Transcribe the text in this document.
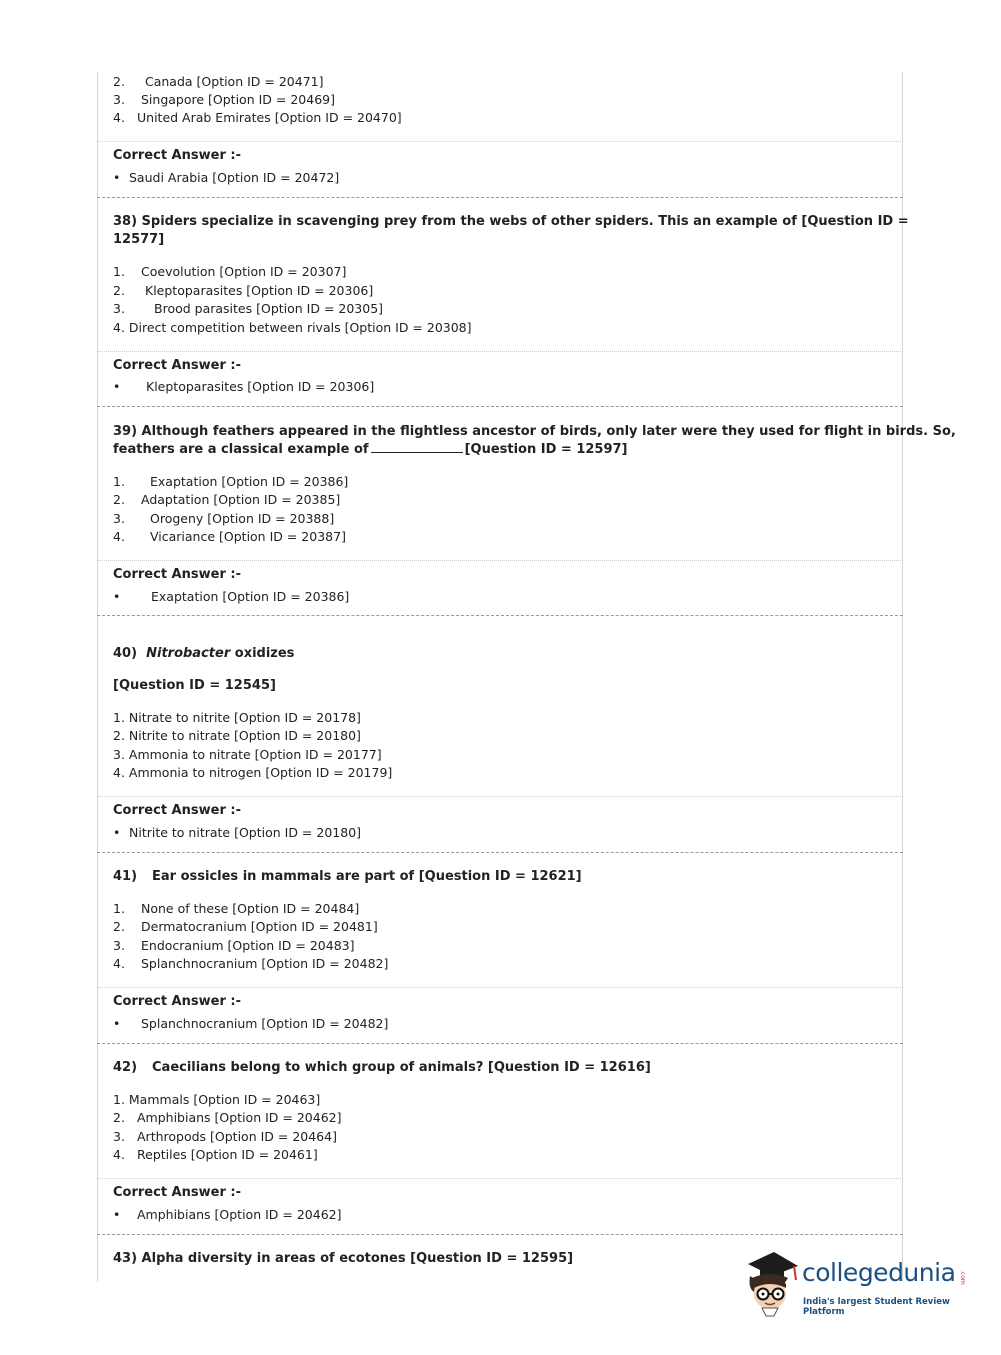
2. Canada [Option ID = 20471]
3. Singapore [Option ID = 20469]
4. United Arab Emirates [Option ID = 20470]
Correct Answer :-
• Saudi Arabia [Option ID = 20472]
38) Spiders specialize in scavenging prey from the webs of other spiders. This an example of [Question ID =
12577]
1. Coevolution [Option ID = 20307]
2. Kleptoparasites [Option ID = 20306]
3. Brood parasites [Option ID = 20305]
4. Direct competition between rivals [Option ID = 20308]
Correct Answer :-
• Kleptoparasites [Option ID = 20306]
39) Although feathers appeared in the flightless ancestor of birds, only later were they used for flight in birds. So,
feathers are a classical example of	[Question ID = 12597]
1. Exaptation [Option ID = 20386]
2. Adaptation [Option ID = 20385]
3. Orogeny [Option ID = 20388]
4. Vicariance [Option ID = 20387]
Correct Answer :-
• Exaptation [Option ID = 20386]
40) Nitrobacter oxidizes
[Question ID = 12545]
1. Nitrate to nitrite [Option ID = 20178]
2. Nitrite to nitrate [Option ID = 20180]
3. Ammonia to nitrate [Option ID = 20177]
4. Ammonia to nitrogen [Option ID = 20179]
Correct Answer :-
• Nitrite to nitrate [Option ID = 20180]
41) Ear ossicles in mammals are part of [Question ID = 12621]
1. None of these [Option ID = 20484]
2. Dermatocranium [Option ID = 20481]
3. Endocranium [Option ID = 20483]
4. Splanchnocranium [Option ID = 20482]
Correct Answer :-
• Splanchnocranium [Option ID = 20482]
42) Caecilians belong to which group of animals? [Question ID = 12616]
1. Mammals [Option ID = 20463]
2. Amphibians [Option ID = 20462]
3. Arthropods [Option ID = 20464]
4. Reptiles [Option ID = 20461]
Correct Answer :-
• Amphibians [Option ID = 20462]
43) Alpha diversity in areas of ecotones [Question ID = 12595]	collegedunia .com
India's largest Student Review Platform
